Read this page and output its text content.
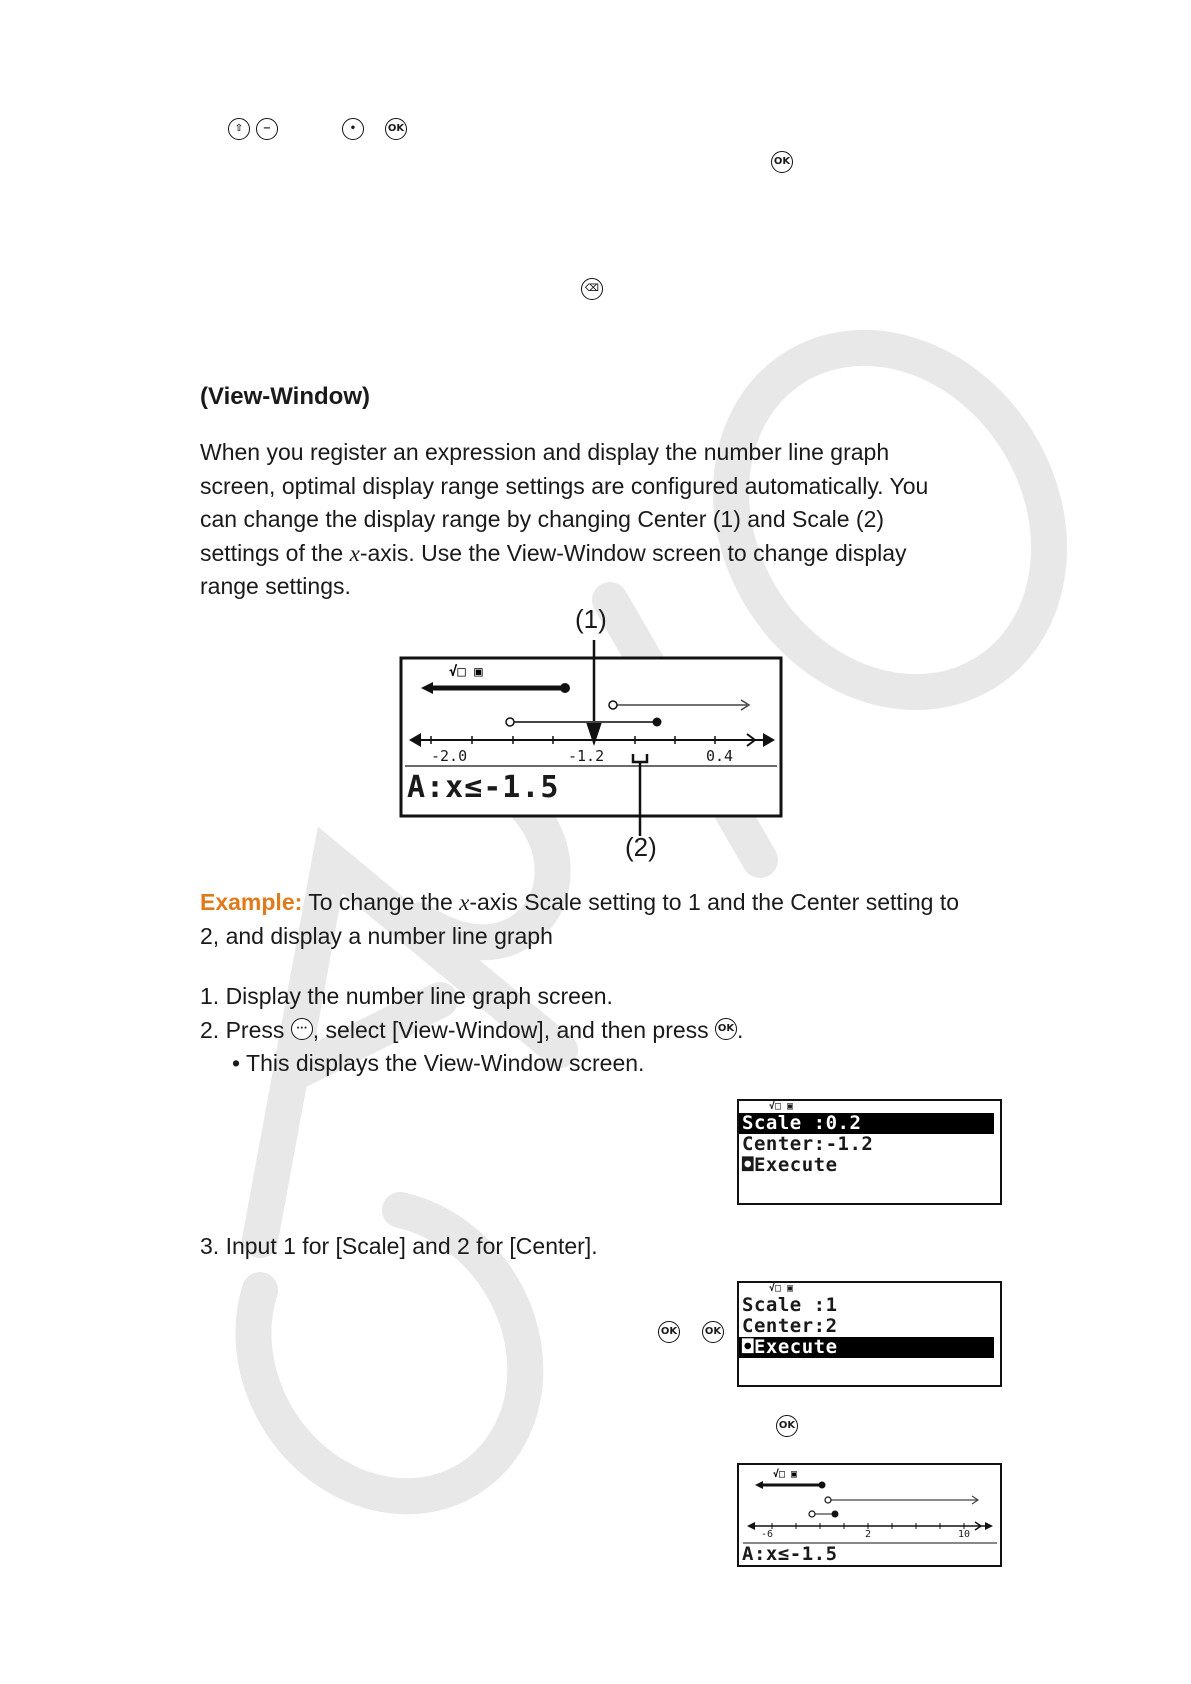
⇧	−	•	OK
OK
⌫
(View-Window)
When you register an expression and display the number line graph
screen, optimal display range settings are configured automatically. You
can change the display range by changing Center (1) and Scale (2)
settings of the x-axis. Use the View-Window screen to change display
range settings.
(1)
(2)
√□ ▣
-2.0	-1.2	0.4
A:x≤-1.5
Example: To change the x-axis Scale setting to 1 and the Center setting to
2, and display a number line graph
1. Display the number line graph screen.
2. Press ··· , select [View-Window], and then press OK .
• This displays the View-Window screen.
√□ ▣
Scale :0.2
Center:-1.2
◘Execute
3. Input 1 for [Scale] and 2 for [Center].
OK	OK
√□ ▣
Scale :1
Center:2
◘Execute
OK
√□ ▣
-6	2	10
A:x≤-1.5
